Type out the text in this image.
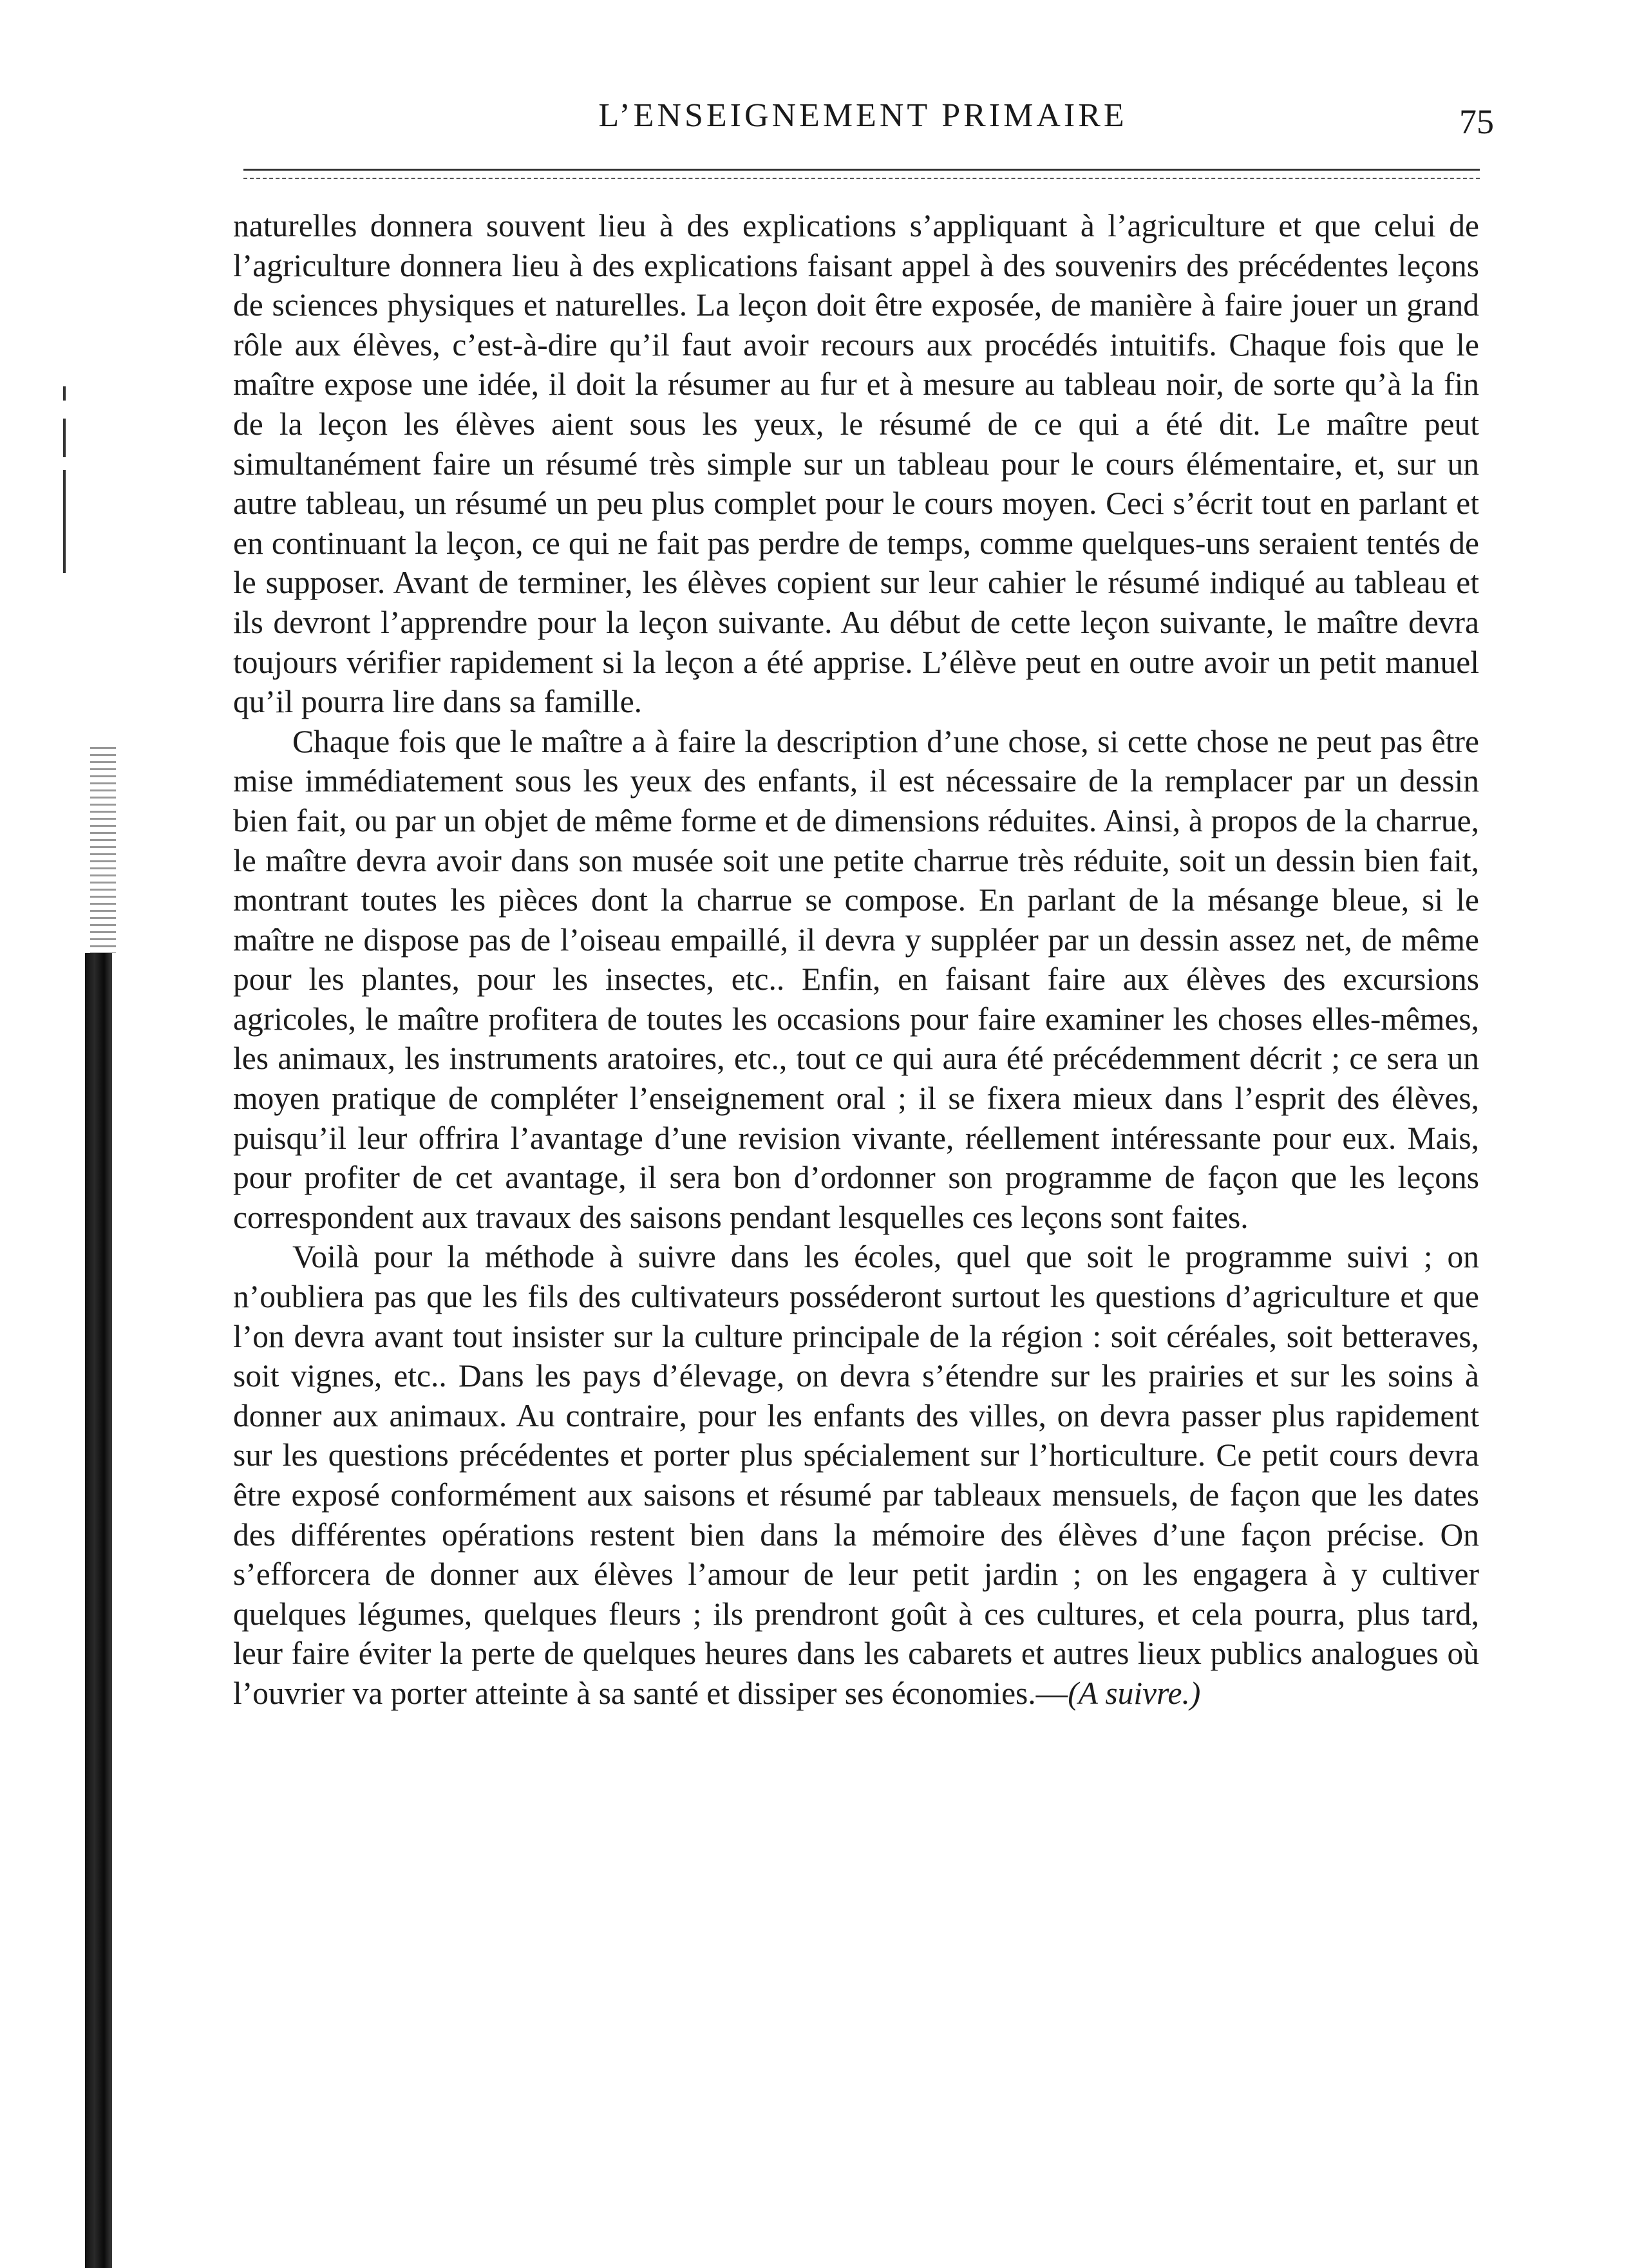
L’ENSEIGNEMENT PRIMAIRE	75

naturelles donnera souvent lieu à des explications s’appliquant à l’agriculture et que celui de l’agriculture donnera lieu à des explications faisant appel à des souvenirs des précédentes leçons de sciences physiques et naturelles. La leçon doit être exposée, de manière à faire jouer un grand rôle aux élèves, c’est-à-dire qu’il faut avoir recours aux procédés intuitifs. Chaque fois que le maître expose une idée, il doit la résumer au fur et à mesure au tableau noir, de sorte qu’à la fin de la leçon les élèves aient sous les yeux, le résumé de ce qui a été dit. Le maître peut simultanément faire un résumé très simple sur un tableau pour le cours élémentaire, et, sur un autre tableau, un résumé un peu plus complet pour le cours moyen. Ceci s’écrit tout en parlant et en continuant la leçon, ce qui ne fait pas perdre de temps, comme quelques-uns seraient tentés de le supposer. Avant de terminer, les élèves copient sur leur cahier le résumé indiqué au tableau et ils devront l’apprendre pour la leçon suivante. Au début de cette leçon suivante, le maître devra toujours vérifier rapidement si la leçon a été apprise. L’élève peut en outre avoir un petit manuel qu’il pourra lire dans sa famille.

Chaque fois que le maître a à faire la description d’une chose, si cette chose ne peut pas être mise immédiatement sous les yeux des enfants, il est nécessaire de la remplacer par un dessin bien fait, ou par un objet de même forme et de dimensions réduites. Ainsi, à propos de la charrue, le maître devra avoir dans son musée soit une petite charrue très réduite, soit un dessin bien fait, montrant toutes les pièces dont la charrue se compose. En parlant de la mésange bleue, si le maître ne dispose pas de l’oiseau empaillé, il devra y suppléer par un dessin assez net, de même pour les plantes, pour les insectes, etc.. Enfin, en faisant faire aux élèves des excursions agricoles, le maître profitera de toutes les occasions pour faire examiner les choses elles-mêmes, les animaux, les instruments aratoires, etc., tout ce qui aura été précédemment décrit ; ce sera un moyen pratique de compléter l’enseignement oral ; il se fixera mieux dans l’esprit des élèves, puisqu’il leur offrira l’avantage d’une revision vivante, réellement intéressante pour eux. Mais, pour profiter de cet avantage, il sera bon d’ordonner son programme de façon que les leçons correspondent aux travaux des saisons pendant lesquelles ces leçons sont faites.

Voilà pour la méthode à suivre dans les écoles, quel que soit le programme suivi ; on n’oubliera pas que les fils des cultivateurs posséderont surtout les questions d’agriculture et que l’on devra avant tout insister sur la culture principale de la région : soit céréales, soit betteraves, soit vignes, etc.. Dans les pays d’élevage, on devra s’étendre sur les prairies et sur les soins à donner aux animaux. Au contraire, pour les enfants des villes, on devra passer plus rapidement sur les questions précédentes et porter plus spécialement sur l’horticulture. Ce petit cours devra être exposé conformément aux saisons et résumé par tableaux mensuels, de façon que les dates des différentes opérations restent bien dans la mémoire des élèves d’une façon précise. On s’efforcera de donner aux élèves l’amour de leur petit jardin ; on les engagera à y cultiver quelques légumes, quelques fleurs ; ils prendront goût à ces cultures, et cela pourra, plus tard, leur faire éviter la perte de quelques heures dans les cabarets et autres lieux publics analogues où l’ouvrier va porter atteinte à sa santé et dissiper ses économies.—(A suivre.)
